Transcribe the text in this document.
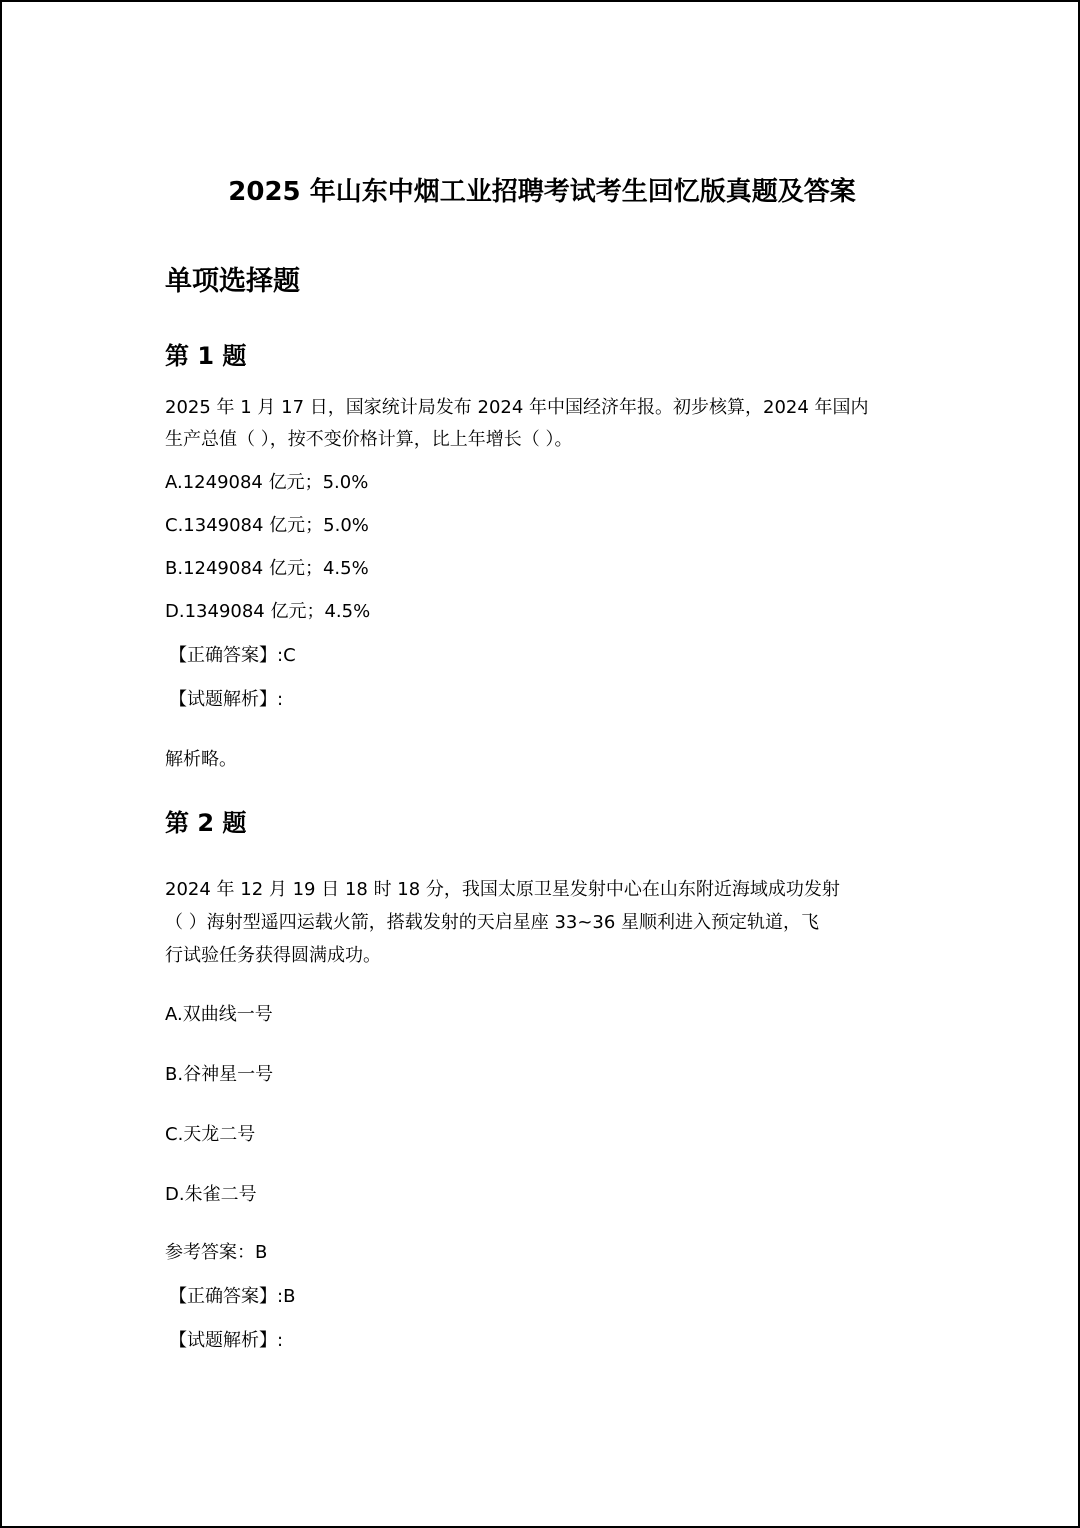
2025 年山东中烟工业招聘考试考生回忆版真题及答案
单项选择题
第 1 题
2025 年 1 月 17 日，国家统计局发布 2024 年中国经济年报。初步核算，2024 年国内
生产总值（ ），按不变价格计算，比上年增长（ ）。
A.1249084 亿元；5.0%
C.1349084 亿元；5.0%
B.1249084 亿元；4.5%
D.1349084 亿元；4.5%
【正确答案】:C
【试题解析】:
解析略。
第 2 题
2024 年 12 月 19 日 18 时 18 分，我国太原卫星发射中心在山东附近海域成功发射
（ ）海射型遥四运载火箭，搭载发射的天启星座 33~36 星顺利进入预定轨道，飞
行试验任务获得圆满成功。
A.双曲线一号
B.谷神星一号
C.天龙二号
D.朱雀二号
参考答案：B
【正确答案】:B
【试题解析】:
